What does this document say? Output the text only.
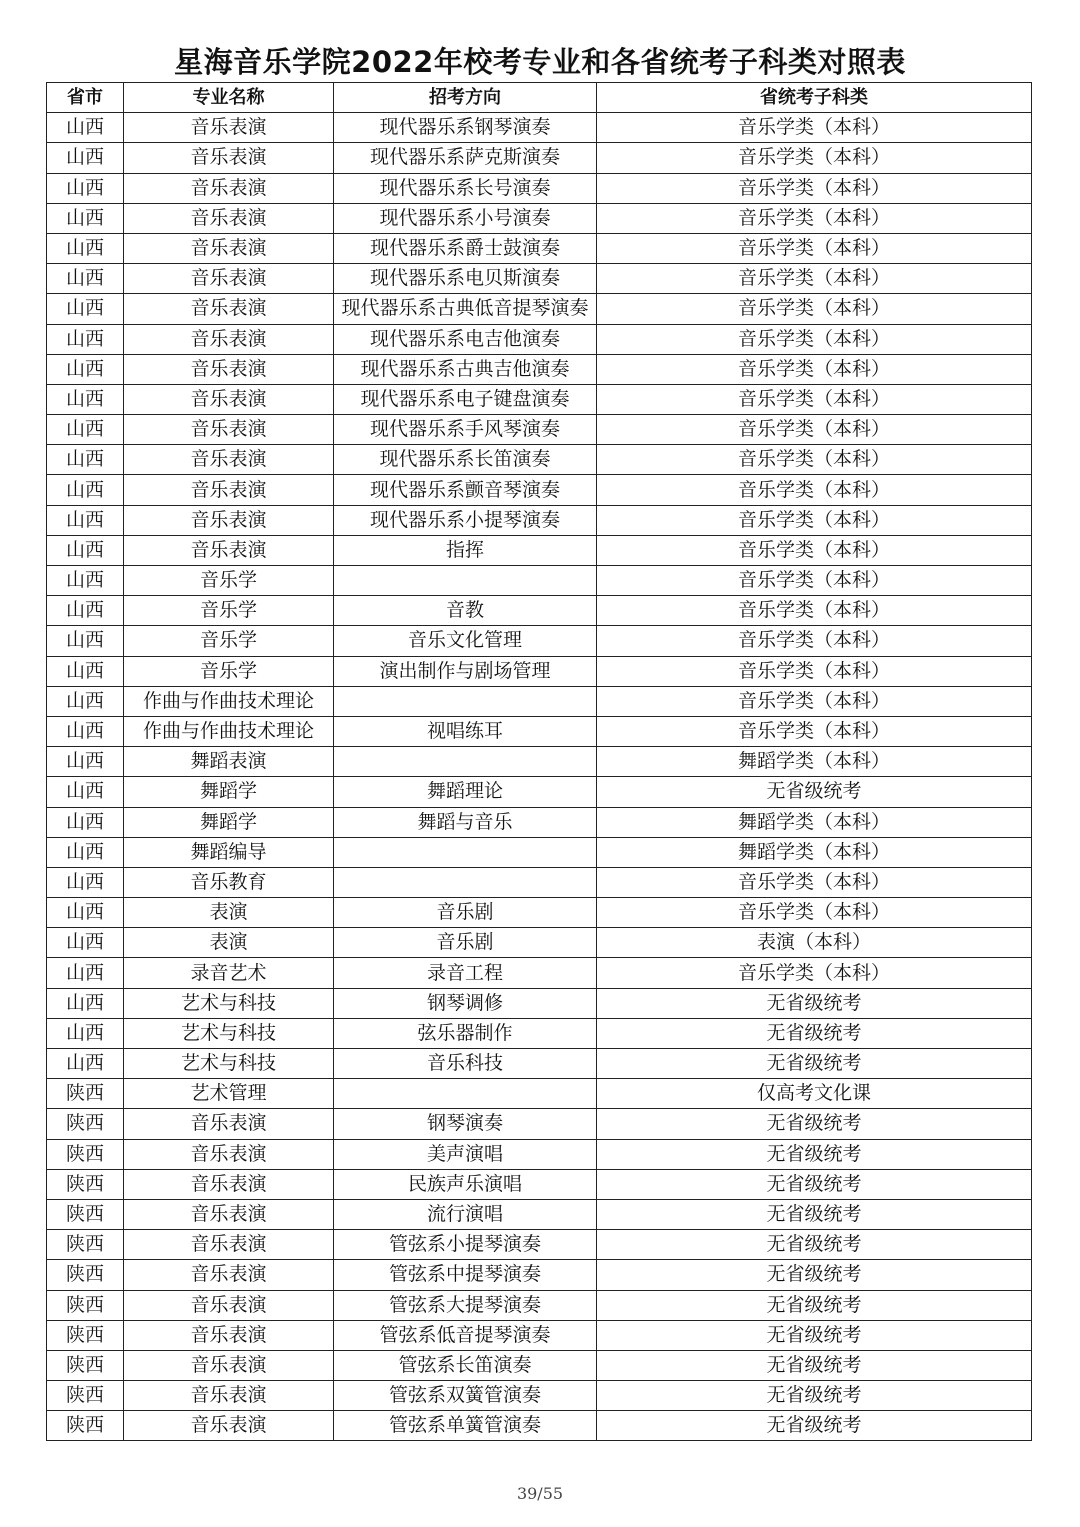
星海音乐学院2022年校考专业和各省统考子科类对照表
省市	专业名称	招考方向	省统考子科类
山西	音乐表演	现代器乐系钢琴演奏	音乐学类（本科）
山西	音乐表演	现代器乐系萨克斯演奏	音乐学类（本科）
山西	音乐表演	现代器乐系长号演奏	音乐学类（本科）
山西	音乐表演	现代器乐系小号演奏	音乐学类（本科）
山西	音乐表演	现代器乐系爵士鼓演奏	音乐学类（本科）
山西	音乐表演	现代器乐系电贝斯演奏	音乐学类（本科）
山西	音乐表演	现代器乐系古典低音提琴演奏	音乐学类（本科）
山西	音乐表演	现代器乐系电吉他演奏	音乐学类（本科）
山西	音乐表演	现代器乐系古典吉他演奏	音乐学类（本科）
山西	音乐表演	现代器乐系电子键盘演奏	音乐学类（本科）
山西	音乐表演	现代器乐系手风琴演奏	音乐学类（本科）
山西	音乐表演	现代器乐系长笛演奏	音乐学类（本科）
山西	音乐表演	现代器乐系颤音琴演奏	音乐学类（本科）
山西	音乐表演	现代器乐系小提琴演奏	音乐学类（本科）
山西	音乐表演	指挥	音乐学类（本科）
山西	音乐学		音乐学类（本科）
山西	音乐学	音教	音乐学类（本科）
山西	音乐学	音乐文化管理	音乐学类（本科）
山西	音乐学	演出制作与剧场管理	音乐学类（本科）
山西	作曲与作曲技术理论		音乐学类（本科）
山西	作曲与作曲技术理论	视唱练耳	音乐学类（本科）
山西	舞蹈表演		舞蹈学类（本科）
山西	舞蹈学	舞蹈理论	无省级统考
山西	舞蹈学	舞蹈与音乐	舞蹈学类（本科）
山西	舞蹈编导		舞蹈学类（本科）
山西	音乐教育		音乐学类（本科）
山西	表演	音乐剧	音乐学类（本科）
山西	表演	音乐剧	表演（本科）
山西	录音艺术	录音工程	音乐学类（本科）
山西	艺术与科技	钢琴调修	无省级统考
山西	艺术与科技	弦乐器制作	无省级统考
山西	艺术与科技	音乐科技	无省级统考
陕西	艺术管理		仅高考文化课
陕西	音乐表演	钢琴演奏	无省级统考
陕西	音乐表演	美声演唱	无省级统考
陕西	音乐表演	民族声乐演唱	无省级统考
陕西	音乐表演	流行演唱	无省级统考
陕西	音乐表演	管弦系小提琴演奏	无省级统考
陕西	音乐表演	管弦系中提琴演奏	无省级统考
陕西	音乐表演	管弦系大提琴演奏	无省级统考
陕西	音乐表演	管弦系低音提琴演奏	无省级统考
陕西	音乐表演	管弦系长笛演奏	无省级统考
陕西	音乐表演	管弦系双簧管演奏	无省级统考
陕西	音乐表演	管弦系单簧管演奏	无省级统考
39/55
